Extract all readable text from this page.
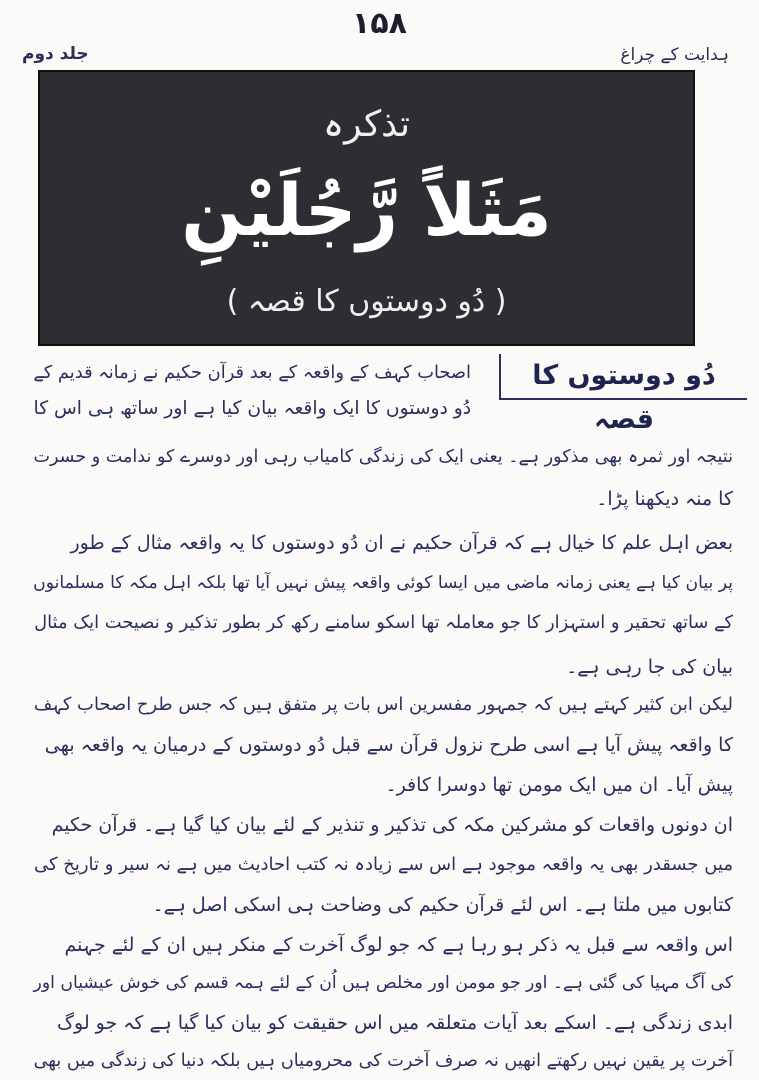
۱۵۸
ہدایت کے چراغ
جلد دوم
تذکرہ
مَثَلاً رَّجُلَیْنِ
( دُو دوستوں کا قصہ )
دُو دوستوں کا قصہ
اصحاب کہف کے واقعہ کے بعد قرآن حکیم نے زمانہ قدیم کے
دُو دوستوں کا ایک واقعہ بیان کیا ہے اور ساتھ ہی اس کا
نتیجہ اور ثمرہ بھی مذکور ہے۔ یعنی ایک کی زندگی کامیاب رہی اور دوسرے کو ندامت و حسرت
کا منہ دیکھنا پڑا۔
بعض اہل علم کا خیال ہے کہ قرآن حکیم نے ان دُو دوستوں کا یہ واقعہ مثال کے طور
پر بیان کیا ہے یعنی زمانہ ماضی میں ایسا کوئی واقعہ پیش نہیں آیا تھا بلکہ اہل مکہ کا مسلمانوں
کے ساتھ تحقیر و استہزار کا جو معاملہ تھا اسکو سامنے رکھ کر بطور تذکیر و نصیحت ایک مثال
بیان کی جا رہی ہے۔
لیکن ابن کثیر کہتے ہیں کہ جمہور مفسرین اس بات پر متفق ہیں کہ جس طرح اصحاب کہف
کا واقعہ پیش آیا ہے اسی طرح نزول قرآن سے قبل دُو دوستوں کے درمیان یہ واقعہ بھی
پیش آیا۔ ان میں ایک مومن تھا دوسرا کافر۔
ان دونوں واقعات کو مشرکین مکہ کی تذکیر و تنذیر کے لئے بیان کیا گیا ہے۔ قرآن حکیم
میں جسقدر بھی یہ واقعہ موجود ہے اس سے زیادہ نہ کتب احادیث میں ہے نہ سیر و تاریخ کی
کتابوں میں ملتا ہے۔ اس لئے قرآن حکیم کی وضاحت ہی اسکی اصل ہے۔
اس واقعہ سے قبل یہ ذکر ہو رہا ہے کہ جو لوگ آخرت کے منکر ہیں ان کے لئے جہنم
کی آگ مہیا کی گئی ہے۔ اور جو مومن اور مخلص ہیں اُن کے لئے ہمہ قسم کی خوش عیشیاں اور
ابدی زندگی ہے۔ اسکے بعد آیات متعلقہ میں اس حقیقت کو بیان کیا گیا ہے کہ جو لوگ
آخرت پر یقین نہیں رکھتے انھیں نہ صرف آخرت کی محرومیاں ہیں بلکہ دنیا کی زندگی میں بھی
